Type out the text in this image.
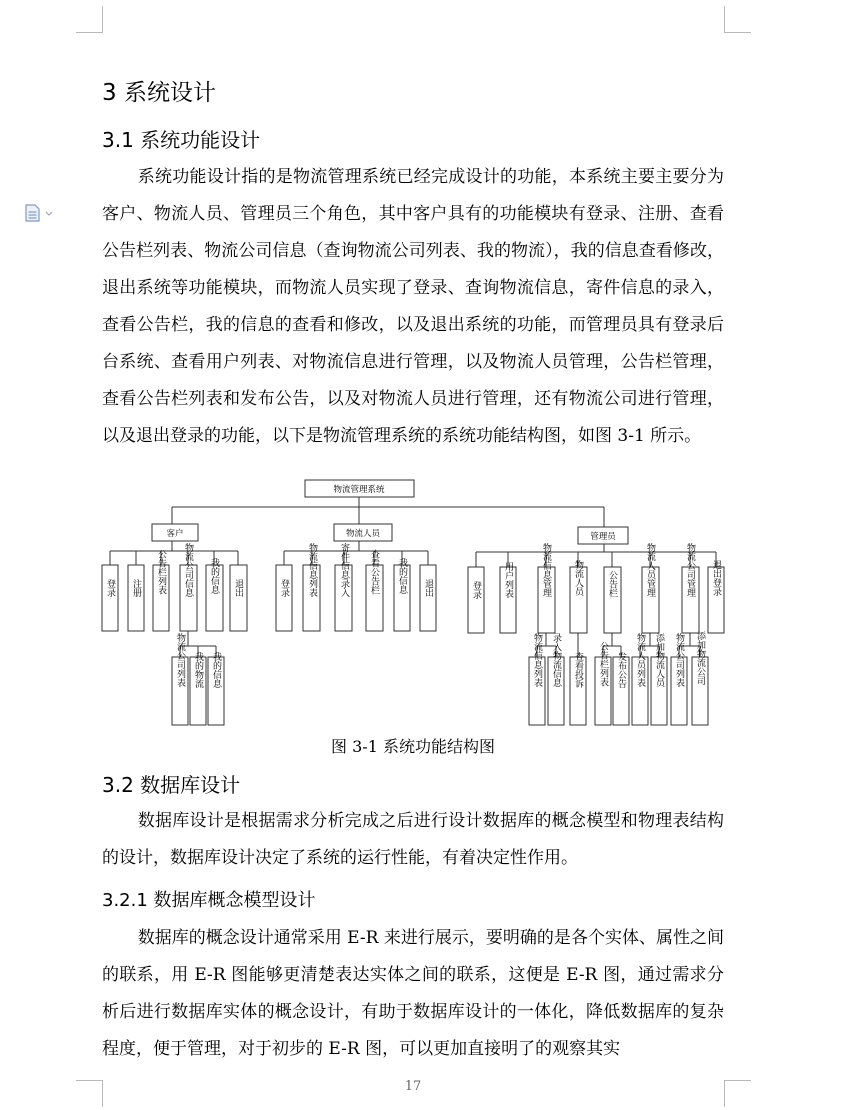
3 系统设计
3.1 系统功能设计

系统功能设计指的是物流管理系统已经完成设计的功能，本系统主要主要分为客户、物流人员、管理员三个角色，其中客户具有的功能模块有登录、注册、查看公告栏列表、物流公司信息（查询物流公司列表、我的物流），我的信息查看修改，退出系统等功能模块，而物流人员实现了登录、查询物流信息，寄件信息的录入，查看公告栏，我的信息的查看和修改，以及退出系统的功能，而管理员具有登录后台系统、查看用户列表、对物流信息进行管理，以及物流人员管理，公告栏管理，查看公告栏列表和发布公告，以及对物流人员进行管理，还有物流公司进行管理，以及退出登录的功能，以下是物流管理系统的系统功能结构图，如图 3-1 所示。

物流管理系统
客户	物流人员	管理员
登录 注册 公告栏列表 物流公司信息 我的信息 退出
物流公司列表 我的物流 我的信息
登录 物流信息列表 寄件信息录入 查看公告栏 我的信息 退出	登录 用户列表	物流信息管理 物流人员	公告栏	物流人员管理	物流公司管理 退出登录
物流信息列表 录入物流信息 查看投诉 公告栏列表 发布公告 物流人员列表 添加物流人员 物流公司列表 添加物流公司
图 3-1 系统功能结构图
3.2 数据库设计

数据库设计是根据需求分析完成之后进行设计数据库的概念模型和物理表结构的设计，数据库设计决定了系统的运行性能，有着决定性作用。

3.2.1 数据库概念模型设计

数据库的概念设计通常采用 E-R 来进行展示，要明确的是各个实体、属性之间的联系，用 E-R 图能够更清楚表达实体之间的联系，这便是 E-R 图，通过需求分析后进行数据库实体的概念设计，有助于数据库设计的一体化，降低数据库的复杂程度，便于管理，对于初步的 E-R 图，可以更加直接明了的观察其实

17
